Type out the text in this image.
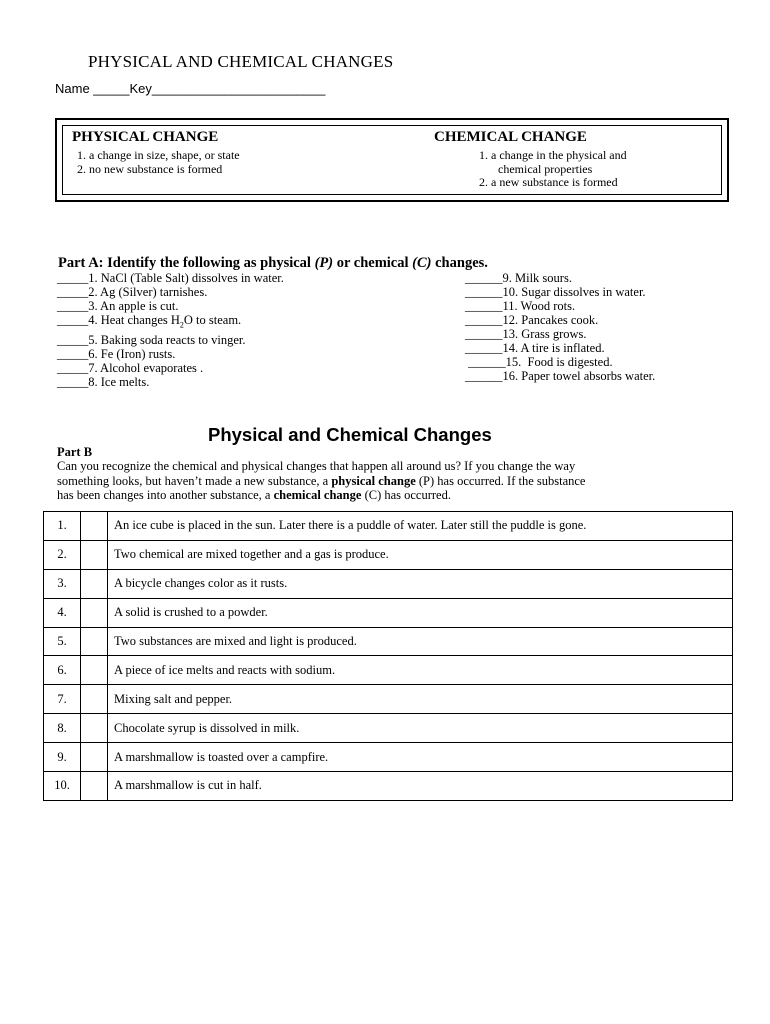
PHYSICAL AND CHEMICAL CHANGES
Name _____Key________________________
PHYSICAL CHANGE
1. a change in size, shape, or state
2. no new substance is formed
CHEMICAL CHANGE
1. a change in the physical and
chemical properties
2. a new substance is formed
Part A: Identify the following as physical (P) or chemical (C) changes.
_____1. NaCl (Table Salt) dissolves in water.
_____2. Ag (Silver) tarnishes.
_____3. An apple is cut.
_____4. Heat changes $H_2O$ to steam.
_____5. Baking soda reacts to vinger.
_____6. Fe (Iron) rusts.
_____7. Alcohol evaporates .
_____8. Ice melts.
______9. Milk sours.
______10. Sugar dissolves in water.
______11. Wood rots.
______12. Pancakes cook.
______13. Grass grows.
______14. A tire is inflated.
______15.  Food is digested.
______16. Paper towel absorbs water.
Physical and Chemical Changes
Part B

Can you recognize the chemical and physical changes that happen all around us? If you change the way

something looks, but haven’t made a new substance, a physical change (P) has occurred. If the substance

has been changes into another substance, a chemical change (C) has occurred.

1.		An ice cube is placed in the sun. Later there is a puddle of water. Later still the puddle is gone.
2.		Two chemical are mixed together and a gas is produce.
3.		A bicycle changes color as it rusts.
4.		A solid is crushed to a powder.
5.		Two substances are mixed and light is produced.
6.		A piece of ice melts and reacts with sodium.
7.		Mixing salt and pepper.
8.		Chocolate syrup is dissolved in milk.
9.		A marshmallow is toasted over a campfire.
10.		A marshmallow is cut in half.
